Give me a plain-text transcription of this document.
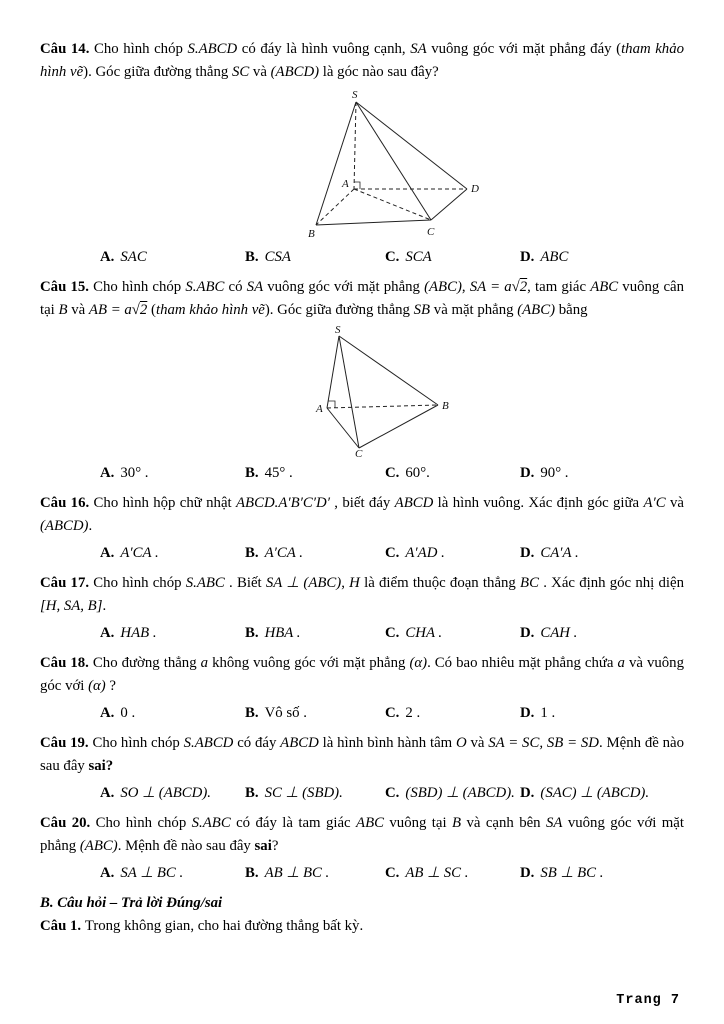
Câu 14. Cho hình chóp S.ABCD có đáy là hình vuông cạnh, SA vuông góc với mặt phẳng đáy (tham khảo hình vẽ). Góc giữa đường thẳng SC và (ABCD) là góc nào sau đây?

S
A
B	C
D
A. SAC	B. CSA	C. SCA	D. ABC

Câu 15. Cho hình chóp S.ABC có SA vuông góc với mặt phẳng (ABC), SA = a√2, tam giác ABC vuông cân tại B và AB = a√2 (tham khảo hình vẽ). Góc giữa đường thẳng SB và mặt phẳng (ABC) bằng

S
A
C
B
A. 30° .	B. 45° .	C. 60°.	D. 90° .

Câu 16. Cho hình hộp chữ nhật ABCD.A′B′C′D′ , biết đáy ABCD là hình vuông. Xác định góc giữa A′C và (ABCD).

A. A′CA .	B. A′CA .	C. A′AD .	D. CA′A .

Câu 17. Cho hình chóp S.ABC . Biết SA ⊥ (ABC), H là điểm thuộc đoạn thẳng BC . Xác định góc nhị diện [H, SA, B].

A. HAB .	B. HBA .	C. CHA .	D. CAH .

Câu 18. Cho đường thẳng a không vuông góc với mặt phẳng (α). Có bao nhiêu mặt phẳng chứa a và vuông góc với (α) ?

A. 0 .	B. Vô số .	C. 2 .	D. 1 .

Câu 19. Cho hình chóp S.ABCD có đáy ABCD là hình bình hành tâm O và SA = SC, SB = SD. Mệnh đề nào sau đây sai?

A. SO ⊥ (ABCD).	B. SC ⊥ (SBD).	C. (SBD) ⊥ (ABCD). D. (SAC) ⊥ (ABCD).

Câu 20. Cho hình chóp S.ABC có đáy là tam giác ABC vuông tại B và cạnh bên SA vuông góc với mặt phẳng (ABC). Mệnh đề nào sau đây sai?

A. SA ⊥ BC .	B. AB ⊥ BC .	C. AB ⊥ SC .	D. SB ⊥ BC .

B. Câu hỏi – Trả lời Đúng/sai

Câu 1. Trong không gian, cho hai đường thẳng bất kỳ.

Trang 7
